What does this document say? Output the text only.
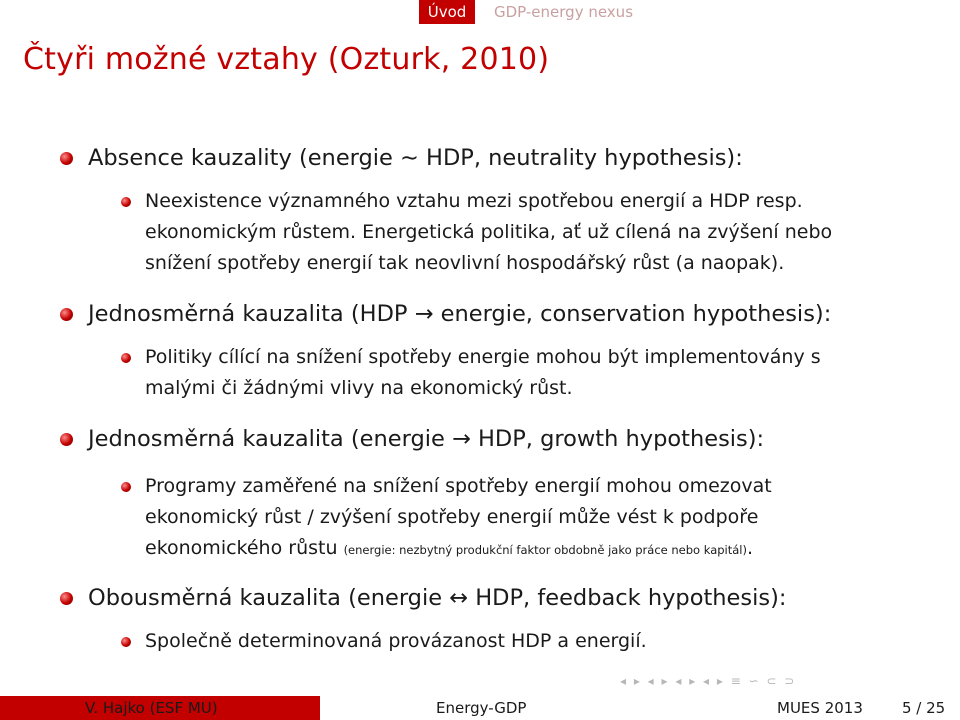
Úvod	GDP-energy nexus
Čtyři možné vztahy (Ozturk, 2010)
Absence kauzality (energie ∼ HDP, neutrality hypothesis):
Neexistence významného vztahu mezi spotřebou energií a HDP resp.
ekonomickým růstem. Energetická politika, ať už cílená na zvýšení nebo
snížení spotřeby energií tak neovlivní hospodářský růst (a naopak).
Jednosměrná kauzalita (HDP → energie, conservation hypothesis):
Politiky cílící na snížení spotřeby energie mohou být implementovány s
malými či žádnými vlivy na ekonomický růst.
Jednosměrná kauzalita (energie → HDP, growth hypothesis):
Programy zaměřené na snížení spotřeby energií mohou omezovat
ekonomický růst / zvýšení spotřeby energií může vést k podpoře
ekonomického růstu (energie: nezbytný produkční faktor obdobně jako práce nebo kapitál).
Obousměrná kauzalita (energie ↔ HDP, feedback hypothesis):
Společně determinovaná provázanost HDP a energií.
◂ ▸ ◂ ▸ ◂ ▸ ◂ ▸ ≡ ∽ ⊂ ⊃
V. Hajko (ESF MU)	Energy-GDP	MUES 2013	5 / 25
